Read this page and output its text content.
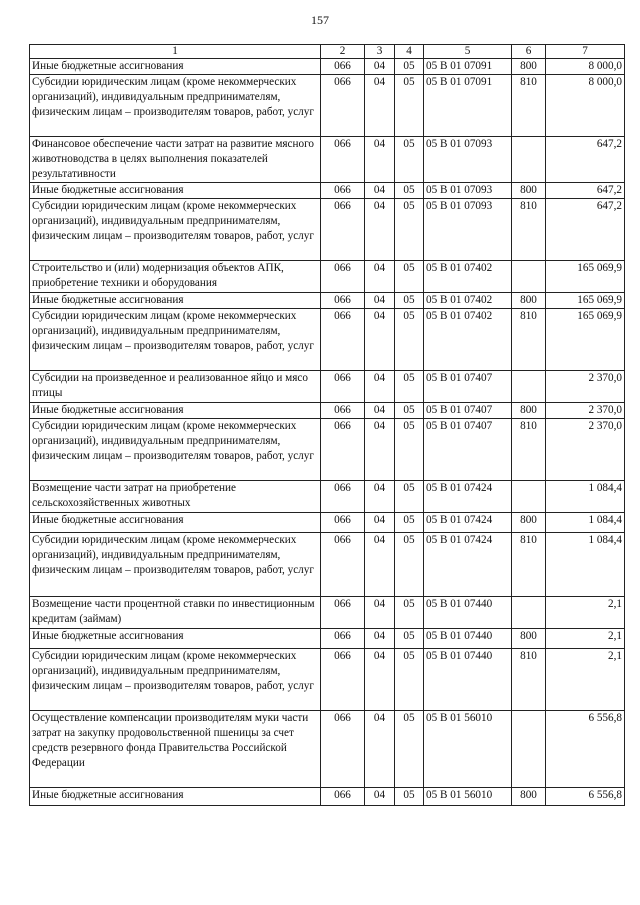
157
1	2	3	4	5	6	7
Иные бюджетные ассигнования	066	04	05	05 В 01 07091	800	8 000,0
Субсидии юридическим лицам (кроме некоммерческих организаций), индивидуальным предпринимателям, физическим лицам – производителям товаров, работ, услуг	066	04	05	05 В 01 07091	810	8 000,0
Финансовое обеспечение части затрат на развитие мясного животноводства в целях выполнения показателей результативности	066	04	05	05 В 01 07093		647,2
Иные бюджетные ассигнования	066	04	05	05 В 01 07093	800	647,2
Субсидии юридическим лицам (кроме некоммерческих организаций), индивидуальным предпринимателям, физическим лицам – производителям товаров, работ, услуг	066	04	05	05 В 01 07093	810	647,2
Строительство и (или) модернизация объектов АПК, приобретение техники и оборудования	066	04	05	05 В 01 07402		165 069,9
Иные бюджетные ассигнования	066	04	05	05 В 01 07402	800	165 069,9
Субсидии юридическим лицам (кроме некоммерческих организаций), индивидуальным предпринимателям, физическим лицам – производителям товаров, работ, услуг	066	04	05	05 В 01 07402	810	165 069,9
Субсидии на произведенное и реализованное яйцо и мясо птицы	066	04	05	05 В 01 07407		2 370,0
Иные бюджетные ассигнования	066	04	05	05 В 01 07407	800	2 370,0
Субсидии юридическим лицам (кроме некоммерческих организаций), индивидуальным предпринимателям, физическим лицам – производителям товаров, работ, услуг	066	04	05	05 В 01 07407	810	2 370,0
Возмещение части затрат на приобретение сельскохозяйственных животных	066	04	05	05 В 01 07424		1 084,4
Иные бюджетные ассигнования	066	04	05	05 В 01 07424	800	1 084,4
Субсидии юридическим лицам (кроме некоммерческих организаций), индивидуальным предпринимателям, физическим лицам – производителям товаров, работ, услуг	066	04	05	05 В 01 07424	810	1 084,4
Возмещение части процентной ставки по инвестиционным кредитам (займам)	066	04	05	05 В 01 07440		2,1
Иные бюджетные ассигнования	066	04	05	05 В 01 07440	800	2,1
Субсидии юридическим лицам (кроме некоммерческих организаций), индивидуальным предпринимателям, физическим лицам – производителям товаров, работ, услуг	066	04	05	05 В 01 07440	810	2,1
Осуществление компенсации производителям муки части затрат на закупку продовольственной пшеницы за счет средств резервного фонда Правительства Российской Федерации	066	04	05	05 В 01 56010		6 556,8
Иные бюджетные ассигнования	066	04	05	05 В 01 56010	800	6 556,8
